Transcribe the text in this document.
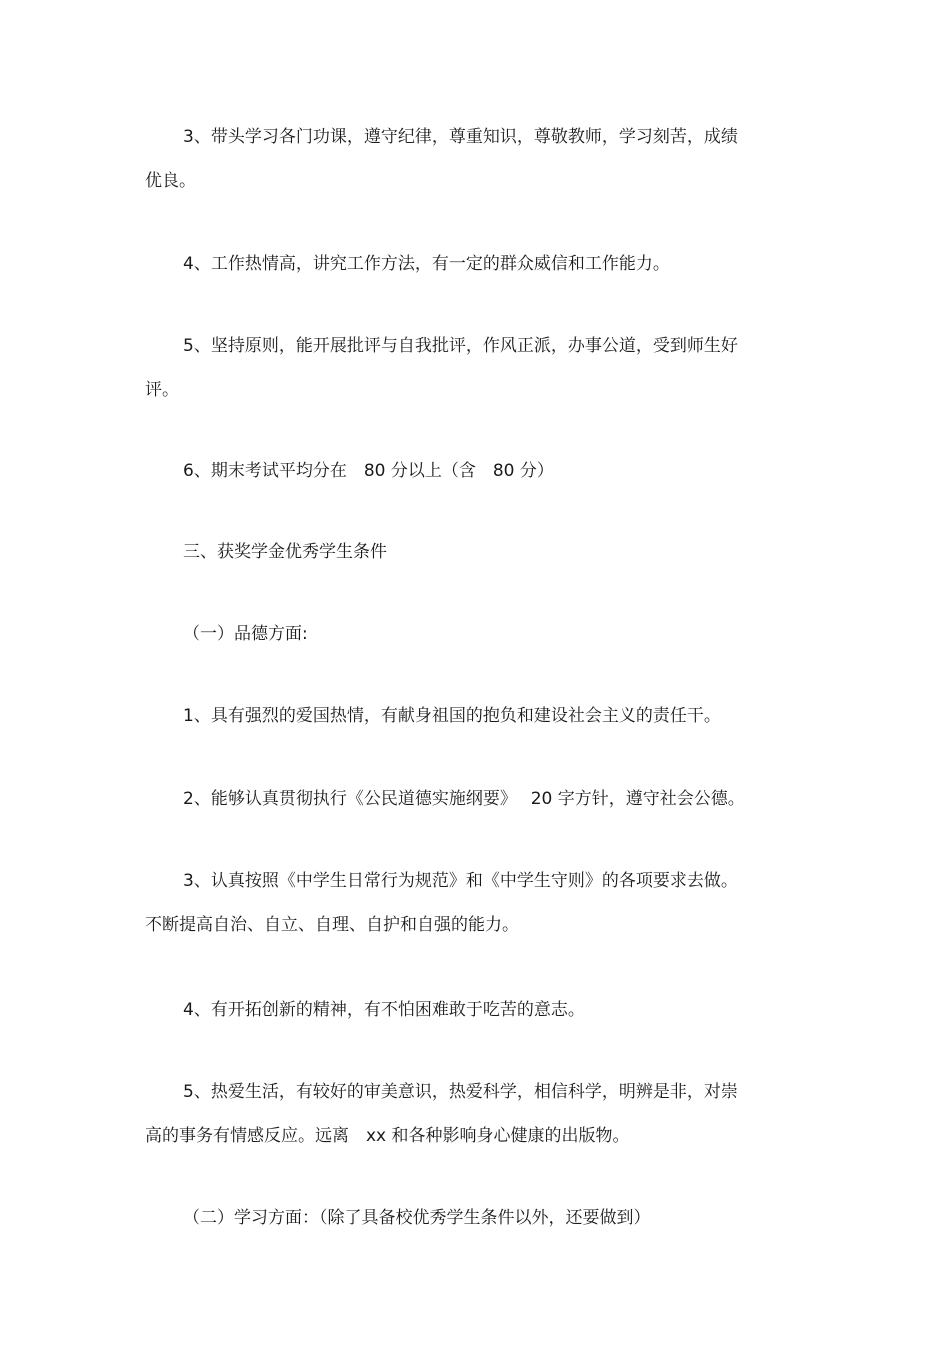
3、带头学习各门功课，遵守纪律，尊重知识，尊敬教师，学习刻苦，成绩
优良。
4、工作热情高，讲究工作方法，有一定的群众威信和工作能力。
5、坚持原则，能开展批评与自我批评，作风正派，办事公道，受到师生好
评。
6、期末考试平均分在　80 分以上（含　80 分）
三、获奖学金优秀学生条件
（一）品德方面:
1、具有强烈的爱国热情，有献身祖国的抱负和建设社会主义的责任干。
2、能够认真贯彻执行《公民道德实施纲要》　 20 字方针，遵守社会公德。
3、认真按照《中学生日常行为规范》和《中学生守则》的各项要求去做。
不断提高自治、自立、自理、自护和自强的能力。
4、有开拓创新的精神，有不怕困难敢于吃苦的意志。
5、热爱生活，有较好的审美意识，热爱科学，相信科学，明辨是非，对崇
高的事务有情感反应。远离　xx 和各种影响身心健康的出版物。
（二）学习方面：（除了具备校优秀学生条件以外，还要做到）
